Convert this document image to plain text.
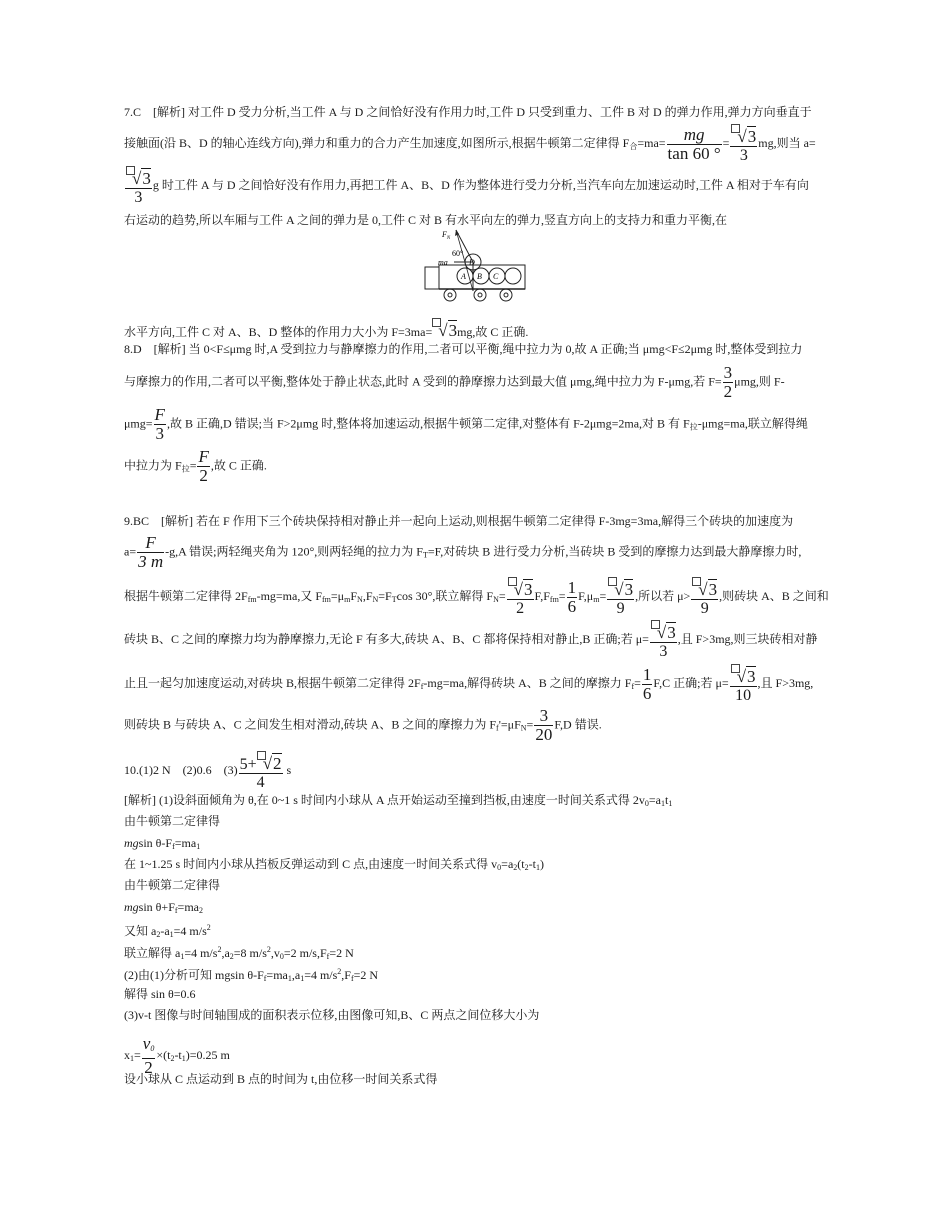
7.C　[解析] 对工件 D 受力分析,当工件 A 与 D 之间恰好没有作用力时,工件 D 只受到重力、工件 B 对 D 的弹力作用,弹力方向垂直于
接触面(沿 B、D 的轴心连线方向),弹力和重力的合力产生加速度,如图所示,根据牛顿第二定律得 $F_合=ma= \frac{mg}{\tan 60 ^\circ} = \frac{√3}{3}$ mg,则当 a=
$\frac{√3}{3}$ g 时工件 A 与 D 之间恰好没有作用力,再把工件 A、B、D 作为整体进行受力分析,当汽车向左加速运动时,工件 A 相对于车有向
右运动的趋势,所以车厢与工件 A 之间的弹力是 0,工件 C 对 B 有水平向左的弹力,竖直方向上的支持力和重力平衡,在
$F_N$
60°
ma	D
A B C
水平方向,工件 C 对 A、B、D 整体的作用力大小为 F=3ma= √3mg,故 C 正确.
8.D　[解析] 当 0<F≤μmg 时,A 受到拉力与静摩擦力的作用,二者可以平衡,绳中拉力为 0,故 A 正确;当 μmg<F≤2μmg 时,整体受到拉力
与摩擦力的作用,二者可以平衡,整体处于静止状态,此时 A 受到的静摩擦力达到最大值 μmg,绳中拉力为 F-μmg,若 $F= \frac{3}{2} \mu mg$,则 F-
$\mu mg= \frac{F}{3}$ ,故 B 正确,D 错误;当 F>2μmg 时,整体将加速运动,根据牛顿第二定律,对整体有 F-2μmg=2ma,对 B 有 $F_拉-\mu mg=ma$,联立解得绳
中拉力为 $F_拉= \frac{F}{2}$ ,故 C 正确.
9.BC　[解析] 若在 F 作用下三个砖块保持相对静止并一起向上运动,则根据牛顿第二定律得 F-3mg=3ma,解得三个砖块的加速度为
$a= \frac{F}{3 m} -g,A$ 错误;两轻绳夹角为 120°,则两轻绳的拉力为 $F_T=F$,对砖块 B 进行受力分析,当砖块 B 受到的摩擦力达到最大静摩擦力时,
根据牛顿第二定律得 $2F_{fm}-mg=ma$,又 $F_{fm}=\mu_mF_N,F_N=F_T\cos$ 30°,联立解得 $F_N= \frac{√3}{2} F,F_{fm}= \frac{1}{6} F,\mu_m= \frac{√3}{9}$ ,所以若 $\mu> \frac{√3}{9}$ ,则砖块 A、B 之间和
砖块 B、C 之间的摩擦力均为静摩擦力,无论 F 有多大,砖块 A、B、C 都将保持相对静止,B 正确;若 $\mu= \frac{√3}{3}$ ,且 F>3mg,则三块砖相对静
止且一起匀加速度运动,对砖块 B,根据牛顿第二定律得 $2F_f-mg=ma$,解得砖块 A、B 之间的摩擦力 $F_f= \frac{1}{6} F,C$ 正确;若 $\mu= \frac{√3}{10}$ ,且 F>3mg,
则砖块 B 与砖块 A、C 之间发生相对滑动,砖块 A、B 之间的摩擦力为 $F_f'=\mu F_N= \frac{3}{20} F,D$ 错误.
10.(1)2 N　(2)0.6　$(3) \frac{5+ √2}{4}$ s
[解析] (1)设斜面倾角为 θ,在 0~1 s 时间内小球从 A 点开始运动至撞到挡板,由速度一时间关系式得 $2v_0=a_1t_1$
由牛顿第二定律得
mgsin $\theta-F_f=ma_1$
在 1~1.25 s 时间内小球从挡板反弹运动到 C 点,由速度一时间关系式得 $v_0=a_2(t_2-t_1)$
由牛顿第二定律得
mgsin $\theta+F_f=ma_2$
又知 $a_2-a_1=4$ $m/s^2$
联立解得 $a_1=4$ $m/s^2,a_2=8$ $m/s^2,v_0=2$ $m/s,F_f=2$ N
(2)由(1)分析可知 mgsin $\theta-F_f=ma_1,a_1=4$ $m/s^2,F_f=2$ N
解得 sin θ=0.6
(3)v-t 图像与时间轴围成的面积表示位移,由图像可知,B、C 两点之间位移大小为
$x_1= \frac{v_0}{2} \times(t_2-t_1)=0.25$ m
设小球从 C 点运动到 B 点的时间为 t,由位移一时间关系式得
